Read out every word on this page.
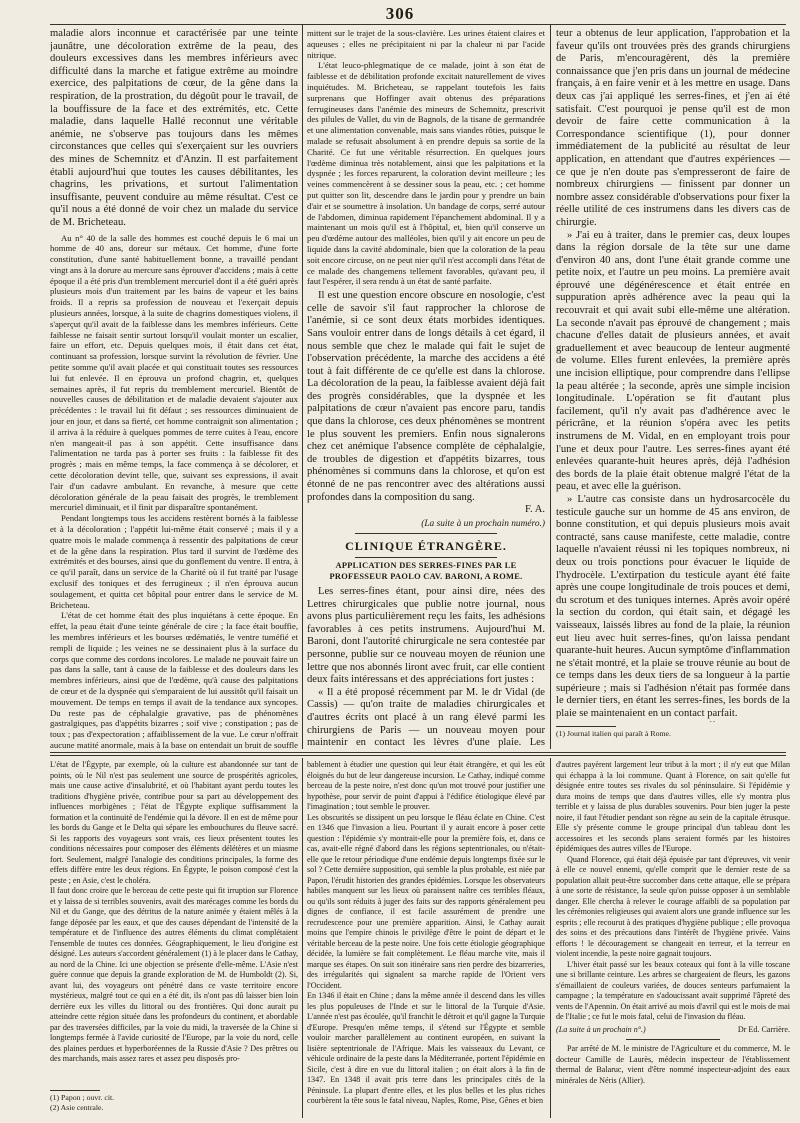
306

maladie alors inconnue et caractérisée par une teinte jaunâtre, une décoloration extrême de la peau, des douleurs excessives dans les membres inférieurs avec difficulté dans la marche et fatigue extrême au moindre exercice, des palpitations de cœur, de la gêne dans la respiration, de la prostration, du dégoût pour le travail, de la bouffissure de la face et des extrémités, etc. Cette maladie, dans laquelle Hallé reconnut une véritable anémie, ne s'observe pas toujours dans les mêmes circonstances que celles qui s'exerçaient sur les ouvriers des mines de Schemnitz et d'Anzin. Il est parfaitement établi aujourd'hui que toutes les causes débilitantes, les chagrins, les privations, et surtout l'alimentation insuffisante, peuvent conduire au même résultat. C'est ce qu'il nous a été donné de voir chez un malade du service de M. Bricheteau.

Au n° 40 de la salle des hommes est couché depuis le 6 mai un homme de 40 ans, doreur sur métaux. Cet homme, d'une forte constitution, d'une santé habituellement bonne, a travaillé pendant vingt ans à la dorure au mercure sans éprouver d'accidens ; mais à cette époque il a été pris d'un tremblement mercuriel dont il a été guéri après plusieurs mois d'un traitement par les bains de vapeur et les bains froids. Il a repris sa profession de nouveau et l'exerçait depuis plusieurs années, lorsque, à la suite de chagrins domestiques violens, il s'aperçut qu'il avait de la faiblesse dans les membres inférieurs. Cette faiblesse ne faisait sentir surtout lorsqu'il voulait monter un escalier, faire un effort, etc. Depuis quelques mois, il était dans cet état, continuant sa profession, lorsque survint la révolution de février. Une petite somme qu'il avait placée et qui constituait toutes ses ressources lui fut enlevée. Il en éprouva un profond chagrin, et, quelques semaines après, il fut repris du tremblement mercuriel. Bientôt de nouvelles causes de débilitation et de maladie devaient s'ajouter aux précédentes : le travail lui fit défaut ; ses ressources diminuaient de jour en jour, et dans sa fierté, cet homme contraignit son alimentation ; il arriva à la réduire à quelques pommes de terre cuites à l'eau, encore n'en mangeait-il pas à son appétit. Cette insuffisance dans l'alimentation ne tarda pas à porter ses fruits : la faiblesse fit des progrès ; mais en même temps, la face commença à se décolorer, et cette décoloration devint telle, que, suivant ses expressions, il avait l'air d'un cadavre ambulant. En revanche, à mesure que cette décoloration générale de la peau faisait des progrès, le tremblement mercuriel diminuait, et il finit par disparaître spontanément.

Pendant longtemps tous les accidens restèrent bornés à la faiblesse et à la décoloration ; l'appétit lui-même était conservé ; mais il y a quatre mois le malade commença à ressentir des palpitations de cœur et de la gêne dans la respiration. Plus tard il survint de l'œdème des extrémités et des bourses, ainsi que du gonflement du ventre. Il entra, à ce qu'il paraît, dans un service de la Charité où il fut traité par l'usage exclusif des toniques et des ferrugineux ; il n'en éprouva aucun soulagement, et quitta cet hôpital pour entrer dans le service de M. Bricheteau.

L'état de cet homme était des plus inquiétans à cette époque. En effet, la peau était d'une teinte générale de cire ; la face était bouffie, les membres inférieurs et les bourses œdématiés, le ventre tuméfié et rempli de liquide ; les veines ne se dessinaient plus à la surface du corps que comme des cordons incolores. Le malade ne pouvait faire un pas dans la salle, tant à cause de la faiblesse et des douleurs dans les membres inférieurs, ainsi que de l'œdème, qu'à cause des palpitations de cœur et de la dyspnée qui s'emparaient de lui aussitôt qu'il faisait un mouvement. De temps en temps il avait de la tendance aux syncopes. Du reste pas de céphalalgie gravative, pas de phénomènes gastralgiques, pas d'appétits bizarres ; soif vive ; constipation ; pas de toux ; pas d'expectoration ; affaiblissement de la vue. Le cœur n'offrait aucune matité anormale, mais à la base on entendait un bruit de souffle

mittent sur le trajet de la sous-clavière. Les urines étaient claires et aqueuses ; elles ne précipitaient ni par la chaleur ni par l'acide nitrique.

L'état leuco-phlegmatique de ce malade, joint à son état de faiblesse et de débilitation profonde excitait naturellement de vives inquiétudes. M. Bricheteau, se rappelant toutefois les faits surprenans que Hoffinger avait obtenus des préparations ferrugineuses dans l'anémie des mineurs de Schemnitz, prescrivit des pilules de Vallet, du vin de Bagnols, de la tisane de germandrée et une alimentation convenable, mais sans viandes rôties, puisque le malade se refusait absolument à en prendre depuis sa sortie de la Charité. Ce fut une véritable résurrection. En quelques jours l'œdème diminua très notablement, ainsi que les palpitations et la dyspnée ; les forces reparurent, la coloration devint meilleure ; les veines commencèrent à se dessiner sous la peau, etc. ; cet homme put quitter son lit, descendre dans le jardin pour y prendre un bain d'air et se soumettre à insolation. Un bandage de corps, serré autour de l'abdomen, diminua rapidement l'épanchement abdominal. Il y a maintenant un mois qu'il est à l'hôpital, et, bien qu'il conserve un peu d'œdème autour des malléoles, bien qu'il y ait encore un peu de liquide dans la cavité abdominale, bien que la coloration de la peau soit encore circuse, on ne peut nier qu'il n'est accompli dans l'état de ce malade des changemens tellement favorables, qu'avant peu, il faut l'espérer, il sera rendu à un état de santé parfaite.

Il est une question encore obscure en nosologie, c'est celle de savoir s'il faut rapprocher la chlorose de l'anémie, si ce sont deux états morbides identiques. Sans vouloir entrer dans de longs détails à cet égard, il nous semble que chez le malade qui fait le sujet de l'observation précédente, la marche des accidens a été tout à fait différente de ce qu'elle est dans la chlorose. La décoloration de la peau, la faiblesse avaient déjà fait des progrès considérables, que la dyspnée et les palpitations de cœur n'avaient pas encore paru, tandis que dans la chlorose, ces deux phénomènes se montrent le plus souvent les premiers. Enfin nous signalerons chez cet anémique l'absence complète de céphalalgie, de troubles de digestion et d'appétits bizarres, tous phénomènes si communs dans la chlorose, et qu'on est étonné de ne pas rencontrer avec des altérations aussi profondes dans la composition du sang.

F. A.

(La suite à un prochain numéro.)
CLINIQUE ÉTRANGÈRE.
APPLICATION DES SERRES-FINES PAR LE PROFESSEUR PAOLO CAV. BARONI, A ROME.

Les serres-fines étant, pour ainsi dire, nées des Lettres chirurgicales que publie notre journal, nous avons plus particulièrement reçu les faits, les adhésions favorables à ces petits instrumens. Aujourd'hui M. Baroni, dont l'autorité chirurgicale ne sera contestée par personne, publie sur ce nouveau moyen de réunion une lettre que nos abonnés liront avec fruit, car elle contient deux faits intéressans et des appréciations fort justes :

« Il a été proposé récemment par M. le dr Vidal (de Cassis) — qu'on traite de maladies chirurgicales et d'autres écrits ont placé à un rang élevé parmi les chirurgiens de Paris — un nouveau moyen pour maintenir en contact les lèvres d'une plaie. Les

teur a obtenus de leur application, l'approbation et la faveur qu'ils ont trouvées près des grands chirurgiens de Paris, m'encouragèrent, dès la première connaissance que j'en pris dans un journal de médecine français, à en faire venir et à les mettre en usage. Dans deux cas j'ai appliqué les serres-fines, et j'en ai été satisfait. C'est pourquoi je pense qu'il est de mon devoir de faire cette communication à la Correspondance scientifique (1), pour donner immédiatement de la publicité au résultat de leur application, en attendant que d'autres expériences — ce que je n'en doute pas s'empresseront de faire de nombreux chirurgiens — finissent par donner un nombre assez considérable d'observations pour fixer la réelle utilité de ces instrumens dans les divers cas de chirurgie.

» J'ai eu à traiter, dans le premier cas, deux loupes dans la région dorsale de la tête sur une dame d'environ 40 ans, dont l'une était grande comme une petite noix, et l'autre un peu moins. La première avait éprouvé une dégénérescence et était entrée en suppuration après adhérence avec la peau qui la recouvrait et qui avait subi elle-même une altération. La seconde n'avait pas éprouvé de changement ; mais chacune d'elles datait de plusieurs années, et avait graduellement et avec beaucoup de lenteur augmenté de volume. Elles furent enlevées, la première après une incision elliptique, pour comprendre dans l'ellipse la peau altérée ; la seconde, après une simple incision longitudinale. L'opération se fit d'autant plus facilement, qu'il n'y avait pas d'adhérence avec le péricrâne, et la réunion s'opéra avec les petits instrumens de M. Vidal, en en employant trois pour l'une et deux pour l'autre. Les serres-fines ayant été enlevées quarante-huit heures après, déjà l'adhésion des bords de la plaie était obtenue malgré l'état de la peau, et avec elle la guérison.

» L'autre cas consiste dans un hydrosarcocèle du testicule gauche sur un homme de 45 ans environ, de bonne constitution, et qui depuis plusieurs mois avait contracté, sans cause manifeste, cette maladie, contre laquelle n'avaient réussi ni les topiques nombreux, ni deux ou trois ponctions pour évacuer le liquide de l'hydrocèle. L'extirpation du testicule ayant été faite après une coupe longitudinale de trois pouces et demi, du scrotum et des tuniques internes. Après avoir opéré la section du cordon, qui était sain, et dégagé les vaisseaux, laissés libres au fond de la plaie, la réunion eut lieu avec huit serres-fines, qu'on laissa pendant quarante-huit heures. Aucun symptôme d'inflammation ne s'était montré, et la plaie se trouve réunie au bout de ce temps dans les deux tiers de sa longueur à la partie supérieure ; mais si l'adhésion n'était pas formée dans le dernier tiers, en étant les serres-fines, les bords de la plaie se maintenaient en un contact parfait.

(1) Journal italien qui paraît à Rome.

L'état de l'Égypte, par exemple, où la culture est abandonnée sur tant de points, où le Nil n'est pas seulement une source de prospérités agricoles, mais une cause active d'insalubrité, et où l'habitant ayant perdu toutes les traditions d'hygiène privée, contribue pour sa part au développement des influences morbigènes ; l'état de l'Égypte explique suffisamment la formation et la continuité de l'endémie qui la dévore. Il en est de même pour les bords du Gange et le Delta qui sépare les embouchures du fleuve sacré. Si les rapports des voyageurs sont vrais, ces lieux présentent toutes les conditions nécessaires pour composer des éléments délétères et un miasme fort. Seulement, malgré l'analogie des conditions principales, la forme des effets diffère entre les deux régions. En Égypte, le poison composé c'est la peste ; en Asie, c'est le choléra.
Il faut donc croire que le berceau de cette peste qui fit irruption sur Florence et y laissa de si terribles souvenirs, avait des marécages comme les bords du Nil et du Gange, que des détritus de la nature animée y étaient mêlés à la fange déposée par les eaux, et que des causes dépendant de l'intensité de la température et de l'influence des autres éléments du climat complétaient l'ensemble de toutes ces données. Géographiquement, le lieu d'origine est désigné. Les auteurs s'accordent généralement (1) à le placer dans le Cathay, au nord de la Chine. Ici une objection se présente d'elle-même. L'Asie n'est guère connue que depuis la grande exploration de M. de Humboldt (2). Si, avant lui, des voyageurs ont pénétré dans ce vaste territoire encore mystérieux, malgré tout ce qui en a été dit, ils n'ont pas dû laisser bien loin derrière eux les villes du littoral ou des frontières. Qui donc aurait pu atteindre cette région située dans les profondeurs du continent, et abordable par des traversées difficiles, par la voie du midi, la traversée de la Chine si longtemps fermée à l'avide curiosité de l'Europe, par la voie du nord, celle des plaines perdues et hyperboréennes de la Russie d'Asie ? Des prêtres ou des marchands, mais assez rares et assez peu disposés pro-

(1) Papon ; ouvr. cit.
(2) Asie centrale.

bablement à étudier une question qui leur était étrangère, et qui les eût éloignés du but de leur dangereuse incursion. Le Cathay, indiqué comme berceau de la peste noire, n'est donc qu'un mot trouvé pour justifier une hypothèse, pour servir de point d'appui à l'édifice étiologique élevé par l'imagination ; tout semble le prouver.
Les obscurités se dissipent un peu lorsque le fléau éclate en Chine. C'est en 1346 que l'invasion a lieu. Pourtant il y aurait encore à poser cette question : l'épidémie s'y montrait-elle pour la première fois, et, dans ce cas, avait-elle régné d'abord dans les régions septentrionales, ou n'était-elle que le retour périodique d'une endémie depuis longtemps fixée sur le sol ? Cette dernière supposition, qui semble la plus probable, est niée par Papon, l'érudit historien des grandes épidémies. Lorsque les observateurs habiles manquent sur les lieux où paraissent naître ces terribles fléaux, ou qu'ils sont réduits à juger des faits sur des rapports généralement peu dignes de confiance, il est facile assurément de prendre une recrudescence pour une première apparition. Ainsi, le Cathay aurait moins que l'empire chinois le privilège d'être le point de départ et le véritable berceau de la peste noire. Une fois cette étiologie géographique décidée, la lumière se fait complètement. Le fléau marche vite, mais il marque ses étapes. On suit son itinéraire sans rien perdre des bizarreries, des irrégularités qui signalent sa marche rapide de l'Orient vers l'Occident.
En 1346 il était en Chine ; dans la même année il descend dans les villes les plus populeuses de l'Inde et sur le littoral de la Turquie d'Asie. L'année n'est pas écoulée, qu'il franchit le détroit et qu'il gagne la Turquie d'Europe. Presqu'en même temps, il s'étend sur l'Égypte et semble vouloir marcher parallèlement au continent européen, en suivant la lisière septentrionale de l'Afrique. Mais les vaisseaux du Levant, ce véhicule ordinaire de la peste dans la Méditerranée, portent l'épidémie en Sicile, c'est à dire en vue du littoral italien ; on était alors à la fin de 1347. En 1348 il avait pris terre dans les principales cités de la Péninsule. La plupart d'entre elles, et les plus belles et les plus riches courbèrent la tête sous le fatal niveau, Naples, Rome, Pise, Gênes et bien

d'autres payèrent largement leur tribut à la mort ; il n'y eut que Milan qui échappa à la loi commune. Quant à Florence, on sait qu'elle fut désignée entre toutes ses rivales du sol péninsulaire. Si l'épidémie y dura moins de temps que dans d'autres villes, elle s'y montra plus terrible et y laissa de plus durables souvenirs. Pour bien juger la peste noire, il faut l'étudier pendant son règne au sein de la capitale étrusque. Elle s'y présente comme le groupe principal d'un tableau dont les accessoires et les seconds plans seraient formés par les histoires épidémiques des autres villes de l'Europe.

Quand Florence, qui était déjà épuisée par tant d'épreuves, vit venir à elle ce nouvel ennemi, qu'elle comprit que le dernier reste de sa population allait peut-être succomber dans cette attaque, elle se prépara à une sorte de résistance, la seule qu'on puisse opposer à un semblable danger. Elle chercha à relever le courage affaibli de sa population par les cérémonies religieuses qui avaient alors une grande influence sur les esprits ; elle recourut à des pratiques d'hygiène publique ; elle provoqua des soins et des précautions dans l'intérêt de l'hygiène privée. Vains efforts ! le découragement se changeait en terreur, et la terreur en violent incendie, la peste noire gagnait toujours.

L'hiver était passé sur les beaux coteaux qui font à la ville toscane une si brillante ceinture. Les arbres se chargeaient de fleurs, les gazons s'émaillaient de couleurs variées, de douces senteurs parfumaient la campagne ; la température en s'adoucissant avait supprimé l'âpreté des vents de l'Apennin. On était arrivé au mois d'avril qui est le mois de mai de l'Italie ; ce fut le mois fatal, celui de l'invasion du fléau.

(La suite à un prochain n°.)	Dr Ed. Carrière.

Par arrêté de M. le ministre de l'Agriculture et du commerce, M. le docteur Camille de Laurès, médecin inspecteur de l'établissement thermal de Balaruc, vient d'être nommé inspecteur-adjoint des eaux minérales de Néris (Allier).
